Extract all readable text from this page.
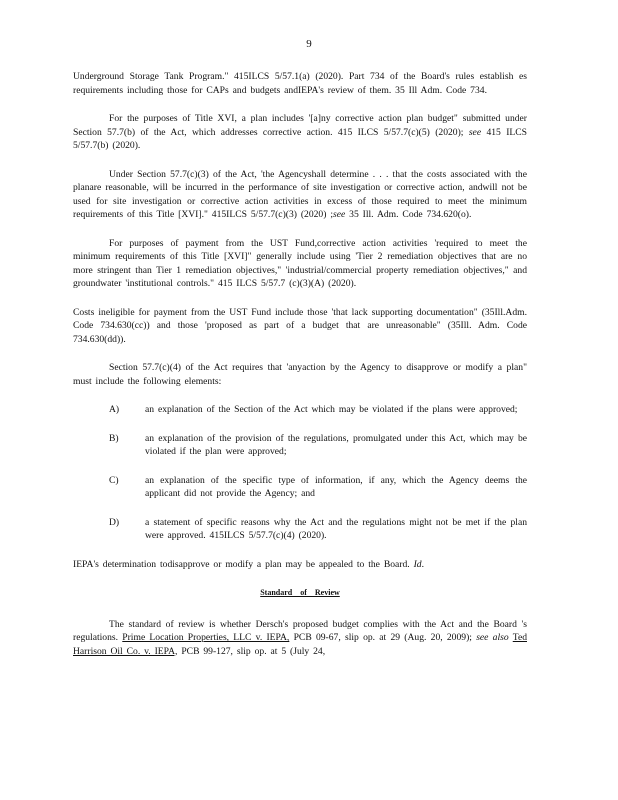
9

Underground Storage Tank Program." 415ILCS 5/57.1(a) (2020). Part 734 of the Board's rules establish es requirements including those for CAPs and budgets andIEPA's review of them. 35 Ill Adm. Code 734.

For the purposes of Title XVI, a plan includes '[a]ny corrective action plan budget" submitted under Section 57.7(b) of the Act, which addresses corrective action. 415 ILCS 5/57.7(c)(5) (2020); see 415 ILCS 5/57.7(b) (2020).

Under Section 57.7(c)(3) of the Act, 'the Agencyshall determine . . . that the costs associated with the planare reasonable, will be incurred in the performance of site investigation or corrective action, andwill not be used for site investigation or corrective action activities in excess of those required to meet the minimum requirements of this Title [XVI]." 415ILCS 5/57.7(c)(3) (2020) ;see 35 Ill. Adm. Code 734.620(o).

For purposes of payment from the UST Fund,corrective action activities 'required to meet the minimum requirements of this Title [XVI]" generally include using 'Tier 2 remediation objectives that are no more stringent than Tier 1 remediation objectives," 'industrial/commercial property remediation objectives," and groundwater 'institutional controls." 415 ILCS 5/57.7 (c)(3)(A) (2020).

Costs ineligible for payment from the UST Fund include those 'that lack supporting documentation" (35Ill.Adm. Code 734.630(cc)) and those 'proposed as part of a budget that are unreasonable" (35Ill. Adm. Code 734.630(dd)).

Section 57.7(c)(4) of the Act requires that 'anyaction by the Agency to disapprove or modify a plan" must include the following elements:

A)	an explanation of the Section of the Act which may be violated if the plans were approved;
B)	an explanation of the provision of the regulations, promulgated under this Act, which may be violated if the plan were approved;
C)	an explanation of the specific type of information, if any, which the Agency deems the applicant did not provide the Agency; and
D)	a statement of specific reasons why the Act and the regulations might not be met if the plan were approved. 415ILCS 5/57.7(c)(4) (2020).

IEPA's determination todisapprove or modify a plan may be appealed to the Board. Id.

Standard of Review

The standard of review is whether Dersch's proposed budget complies with the Act and the Board 's regulations. Prime Location Properties, LLC v. IEPA, PCB 09-67, slip op. at 29 (Aug. 20, 2009); see also Ted Harrison Oil Co. v. IEPA, PCB 99-127, slip op. at 5 (July 24,
